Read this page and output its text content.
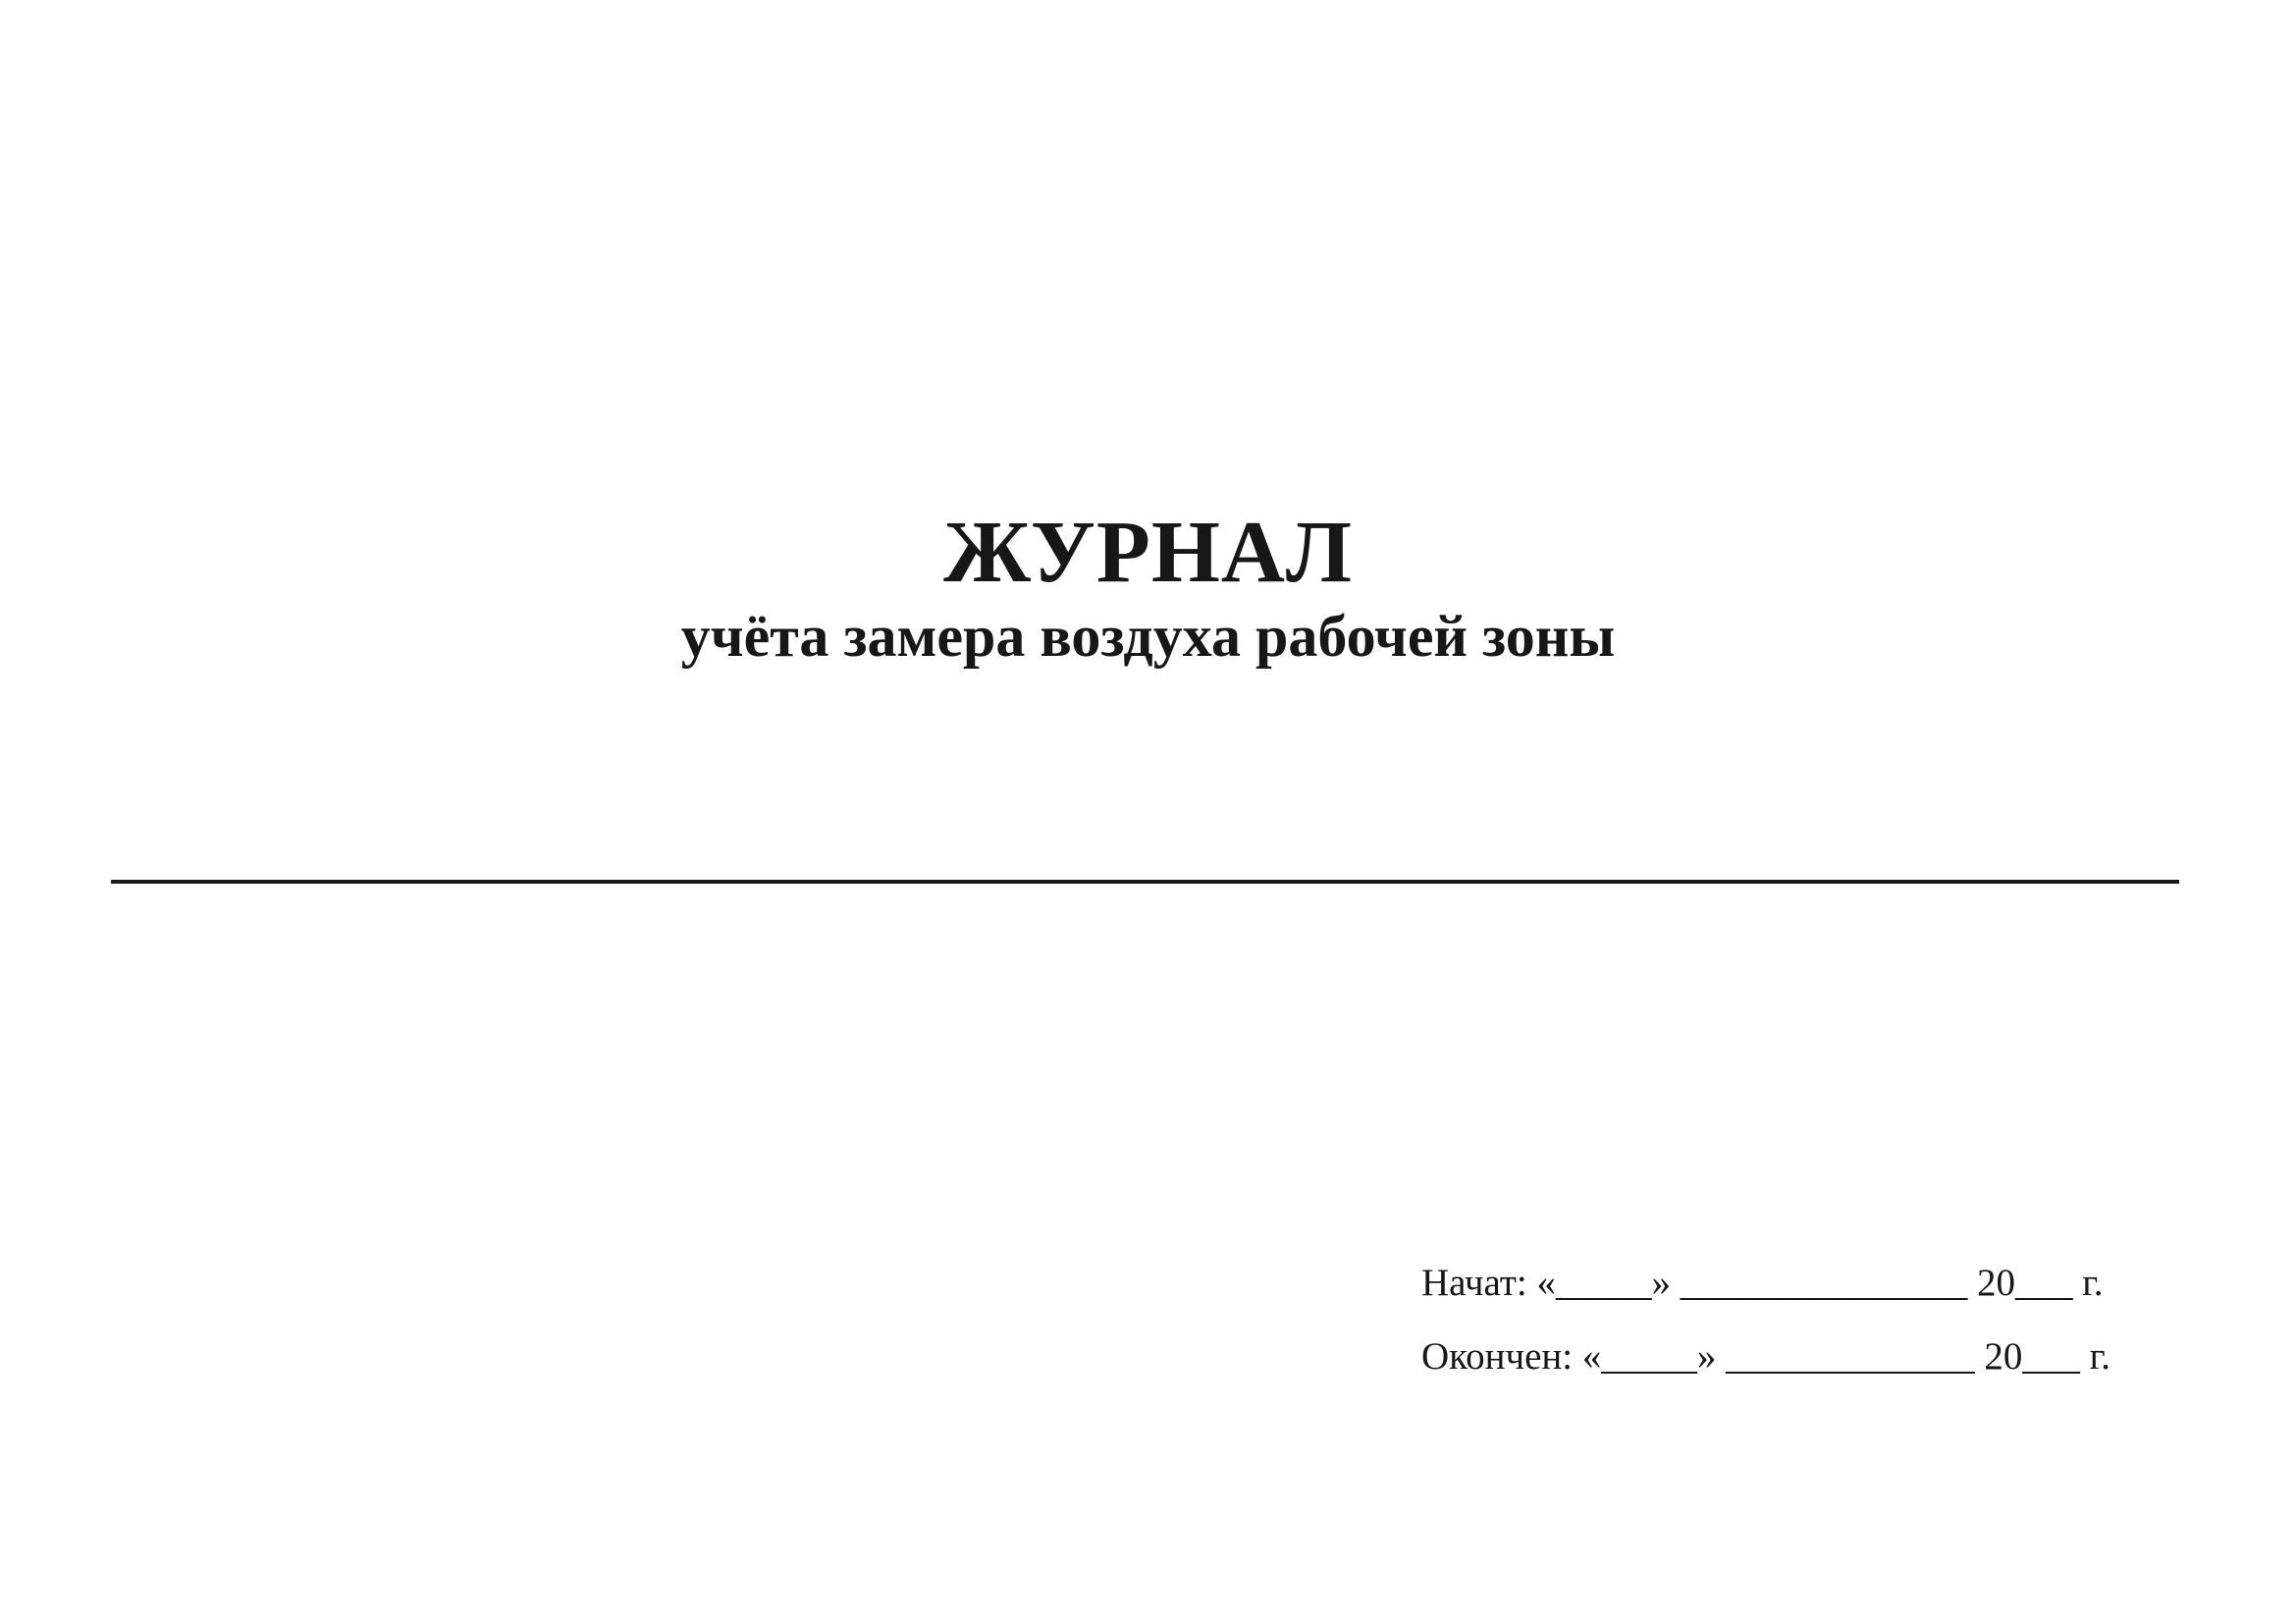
ЖУРНАЛ
учёта замера воздуха рабочей зоны
Начат: «_____» _______________ 20___ г.
Окончен: «_____» _____________ 20___ г.
